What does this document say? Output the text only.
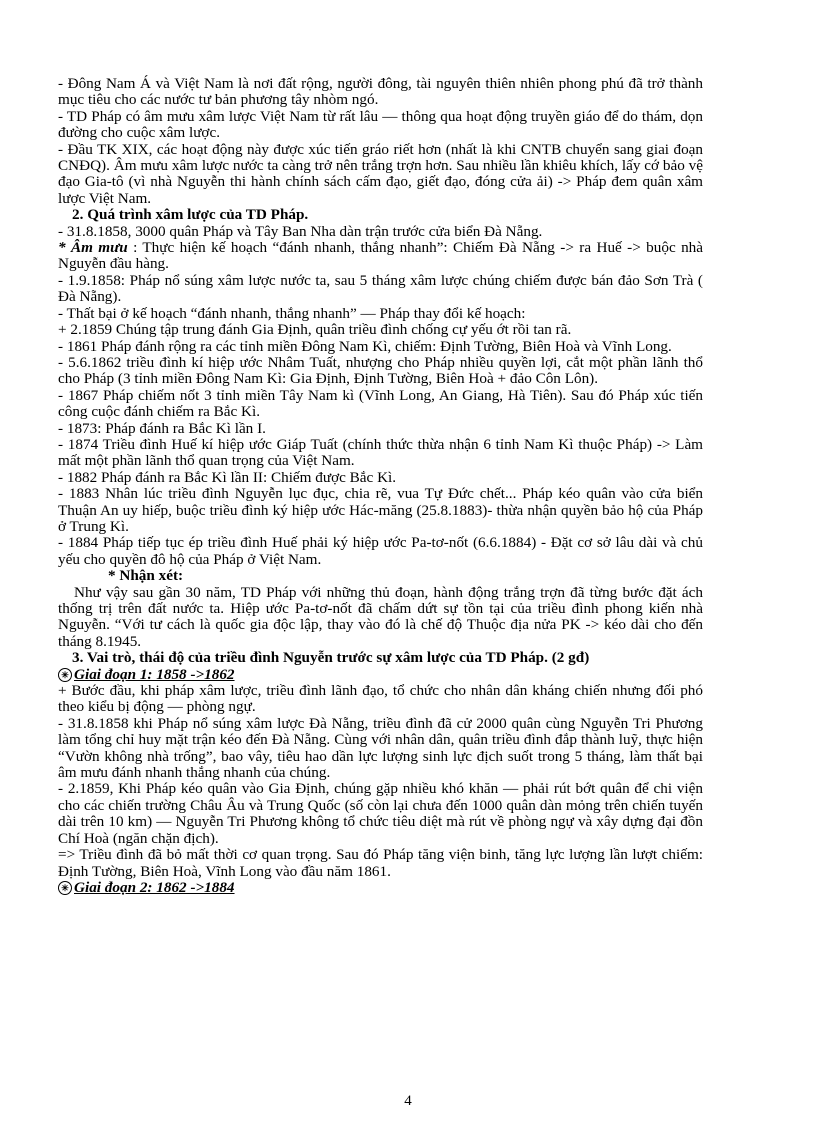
- Đông Nam Á và Việt Nam là nơi đất rộng, người đông, tài nguyên thiên nhiên phong phú đã trở thành mục tiêu cho các nước tư bản phương tây nhòm ngó.

- TD Pháp có âm mưu xâm lược Việt Nam từ rất lâu — thông qua hoạt động truyền giáo để do thám, dọn đường cho cuộc xâm lược.

- Đầu TK XIX, các hoạt động này được xúc tiến gráo riết hơn (nhất là khi CNTB chuyển sang giai đoạn CNĐQ). Âm mưu xâm lược nước ta càng trở nên trắng trợn hơn. Sau nhiều lần khiêu khích, lấy cớ bảo vệ đạo Gia-tô (vì nhà Nguyễn thi hành chính sách cấm đạo, giết đạo, đóng cửa ải) -> Pháp đem quân xâm lược Việt Nam.

2. Quá trình xâm lược của TD Pháp.

- 31.8.1858, 3000 quân Pháp và Tây Ban Nha dàn trận trước cửa biển Đà Nẵng.

* Âm mưu : Thực hiện kế hoạch “đánh nhanh, thắng nhanh”: Chiếm Đà Nẵng -> ra Huế -> buộc nhà Nguyễn đầu hàng.

- 1.9.1858: Pháp nổ súng xâm lược nước ta, sau 5 tháng xâm lược chúng chiếm được bán đảo Sơn Trà ( Đà Nẵng).

- Thất bại ở kế hoạch “đánh nhanh, thắng nhanh” — Pháp thay đổi kế hoạch:

+ 2.1859 Chúng tập trung đánh Gia Định, quân triều đình chống cự yếu ớt rồi tan rã.

- 1861 Pháp đánh rộng ra các tỉnh miền Đông Nam Kì, chiếm: Định Tường, Biên Hoà và Vĩnh Long.

- 5.6.1862 triều đình kí hiệp ước Nhâm Tuất, nhượng cho Pháp nhiều quyền lợi, cắt một phần lãnh thổ cho Pháp (3 tỉnh miền Đông Nam Kì: Gia Định, Định Tường, Biên Hoà + đảo Côn Lôn).

- 1867 Pháp chiếm nốt 3 tỉnh miền Tây Nam kì (Vĩnh Long, An Giang, Hà Tiên). Sau đó Pháp xúc tiến công cuộc đánh chiếm ra Bắc Kì.

- 1873: Pháp đánh ra Bắc Kì lần I.

- 1874 Triều đình Huế kí hiệp ước Giáp Tuất (chính thức thừa nhận 6 tỉnh Nam Kì thuộc Pháp) -> Làm mất một phần lãnh thổ quan trọng của Việt Nam.

- 1882 Pháp đánh ra Bắc Kì lần II: Chiếm được Bắc Kì.

- 1883 Nhân lúc triều đình Nguyễn lục đục, chia rẽ, vua Tự Đức chết... Pháp kéo quân vào cửa biển Thuận An uy hiếp, buộc triều đình ký hiệp ước Hác-măng (25.8.1883)- thừa nhận quyền bảo hộ của Pháp ở Trung Kì.

- 1884 Pháp tiếp tục ép triều đình Huế phải ký hiệp ước Pa-tơ-nốt (6.6.1884) - Đặt cơ sở lâu dài và chủ yếu cho quyền đô hộ của Pháp ở Việt Nam.

* Nhận xét:

Như vậy sau gần 30 năm, TD Pháp với những thủ đoạn, hành động trắng trợn đã từng bước đặt ách thống trị trên đất nước ta. Hiệp ước Pa-tơ-nốt đã chấm dứt sự tồn tại của triều đình phong kiến nhà Nguyễn. “Với tư cách là quốc gia độc lập, thay vào đó là chế độ Thuộc địa nửa PK -> kéo dài cho đến tháng 8.1945.

3. Vai trò, thái độ của triều đình Nguyễn trước sự xâm lược của TD Pháp. (2 gđ)

✳ Giai đoạn 1: 1858 ->1862

+ Bước đầu, khi pháp xâm lược, triều đình lãnh đạo, tổ chức cho nhân dân kháng chiến nhưng đối phó theo kiểu bị động — phòng ngự.

- 31.8.1858 khi Pháp nổ súng xâm lược Đà Nẵng, triều đình đã cử 2000 quân cùng Nguyễn Tri Phương làm tổng chỉ huy mặt trận kéo đến Đà Nẵng. Cùng với nhân dân, quân triều đình đắp thành luỹ, thực hiện “Vườn không nhà trống”, bao vây, tiêu hao dần lực lượng sinh lực địch suốt trong 5 tháng, làm thất bại âm mưu đánh nhanh thắng nhanh của chúng.

- 2.1859, Khi Pháp kéo quân vào Gia Định, chúng gặp nhiều khó khăn — phải rút bớt quân để chi viện cho các chiến trường Châu Âu và Trung Quốc (số còn lại chưa đến 1000 quân dàn mỏng trên chiến tuyến dài trên 10 km) — Nguyễn Tri Phương không tổ chức tiêu diệt mà rút về phòng ngự và xây dựng đại đồn Chí Hoà (ngăn chặn địch).

=> Triều đình đã bỏ mất thời cơ quan trọng. Sau đó Pháp tăng viện binh, tăng lực lượng lần lượt chiếm: Định Tường, Biên Hoà, Vĩnh Long vào đầu năm 1861.

✳ Giai đoạn 2: 1862 ->1884

4
